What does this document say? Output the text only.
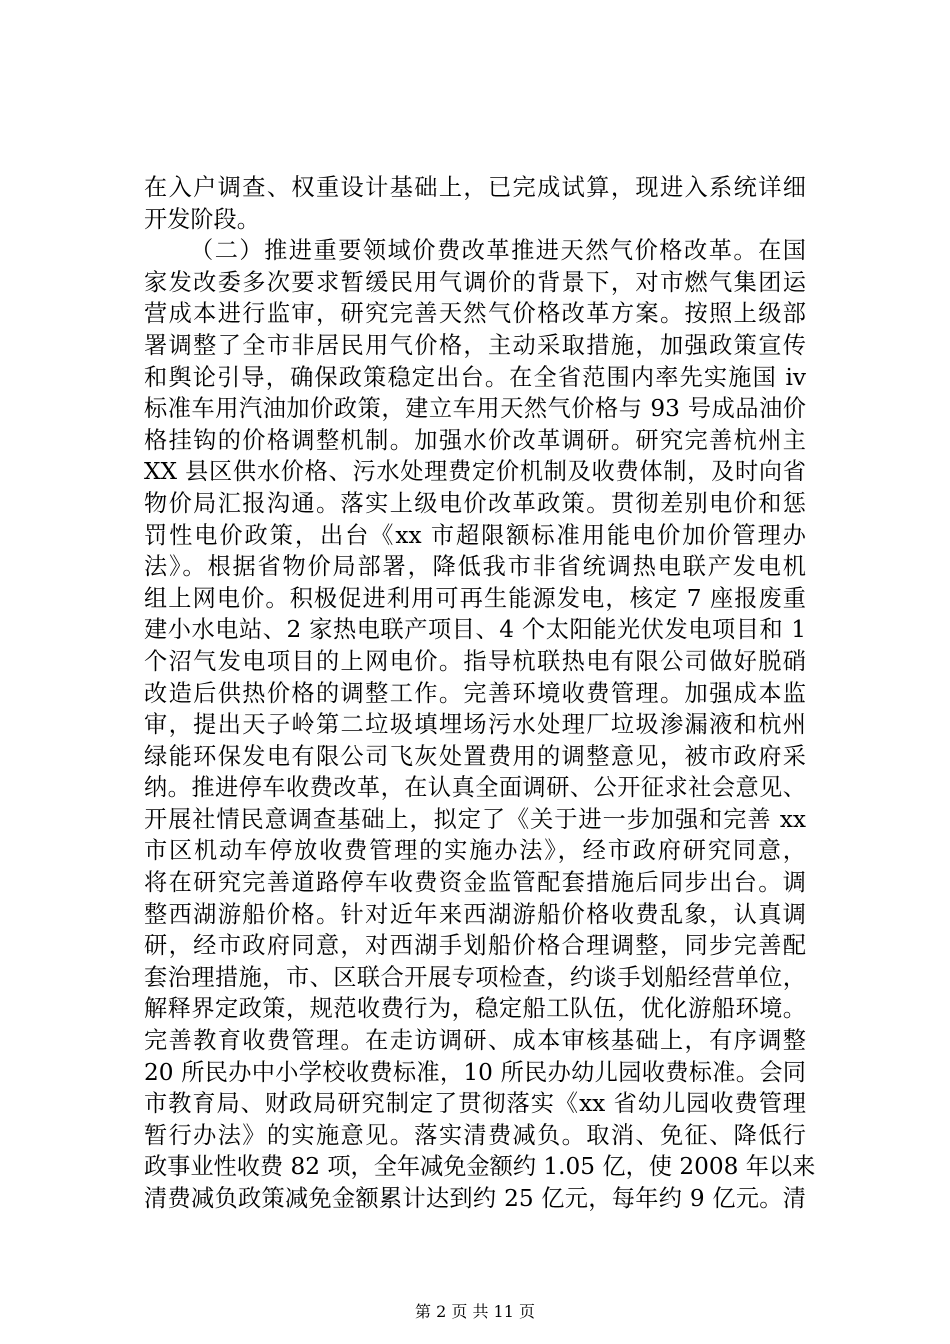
在入户调查、权重设计基础上，已完成试算，现进入系统详细
开发阶段。
（二）推进重要领域价费改革推进天然气价格改革。在国
家发改委多次要求暂缓民用气调价的背景下，对市燃气集团运
营成本进行监审，研究完善天然气价格改革方案。按照上级部
署调整了全市非居民用气价格，主动采取措施，加强政策宣传
和舆论引导，确保政策稳定出台。在全省范围内率先实施国 iv
标准车用汽油加价政策，建立车用天然气价格与 93 号成品油价
格挂钩的价格调整机制。加强水价改革调研。研究完善杭州主
XX 县区供水价格、污水处理费定价机制及收费体制，及时向省
物价局汇报沟通。落实上级电价改革政策。贯彻差别电价和惩
罚性电价政策，出台《xx 市超限额标准用能电价加价管理办
法》。根据省物价局部署，降低我市非省统调热电联产发电机
组上网电价。积极促进利用可再生能源发电，核定 7 座报废重
建小水电站、2 家热电联产项目、4 个太阳能光伏发电项目和 1
个沼气发电项目的上网电价。指导杭联热电有限公司做好脱硝
改造后供热价格的调整工作。完善环境收费管理。加强成本监
审，提出天子岭第二垃圾填埋场污水处理厂垃圾渗漏液和杭州
绿能环保发电有限公司飞灰处置费用的调整意见，被市政府采
纳。推进停车收费改革，在认真全面调研、公开征求社会意见、
开展社情民意调查基础上，拟定了《关于进一步加强和完善 xx
市区机动车停放收费管理的实施办法》，经市政府研究同意，
将在研究完善道路停车收费资金监管配套措施后同步出台。调
整西湖游船价格。针对近年来西湖游船价格收费乱象，认真调
研，经市政府同意，对西湖手划船价格合理调整，同步完善配
套治理措施，市、区联合开展专项检查，约谈手划船经营单位，
解释界定政策，规范收费行为，稳定船工队伍，优化游船环境。
完善教育收费管理。在走访调研、成本审核基础上，有序调整
20 所民办中小学校收费标准，10 所民办幼儿园收费标准。会同
市教育局、财政局研究制定了贯彻落实《xx 省幼儿园收费管理
暂行办法》的实施意见。落实清费减负。取消、免征、降低行
政事业性收费 82 项，全年减免金额约 1.05 亿，使 2008 年以来
清费减负政策减免金额累计达到约 25 亿元，每年约 9 亿元。清
第 2 页 共 11 页
